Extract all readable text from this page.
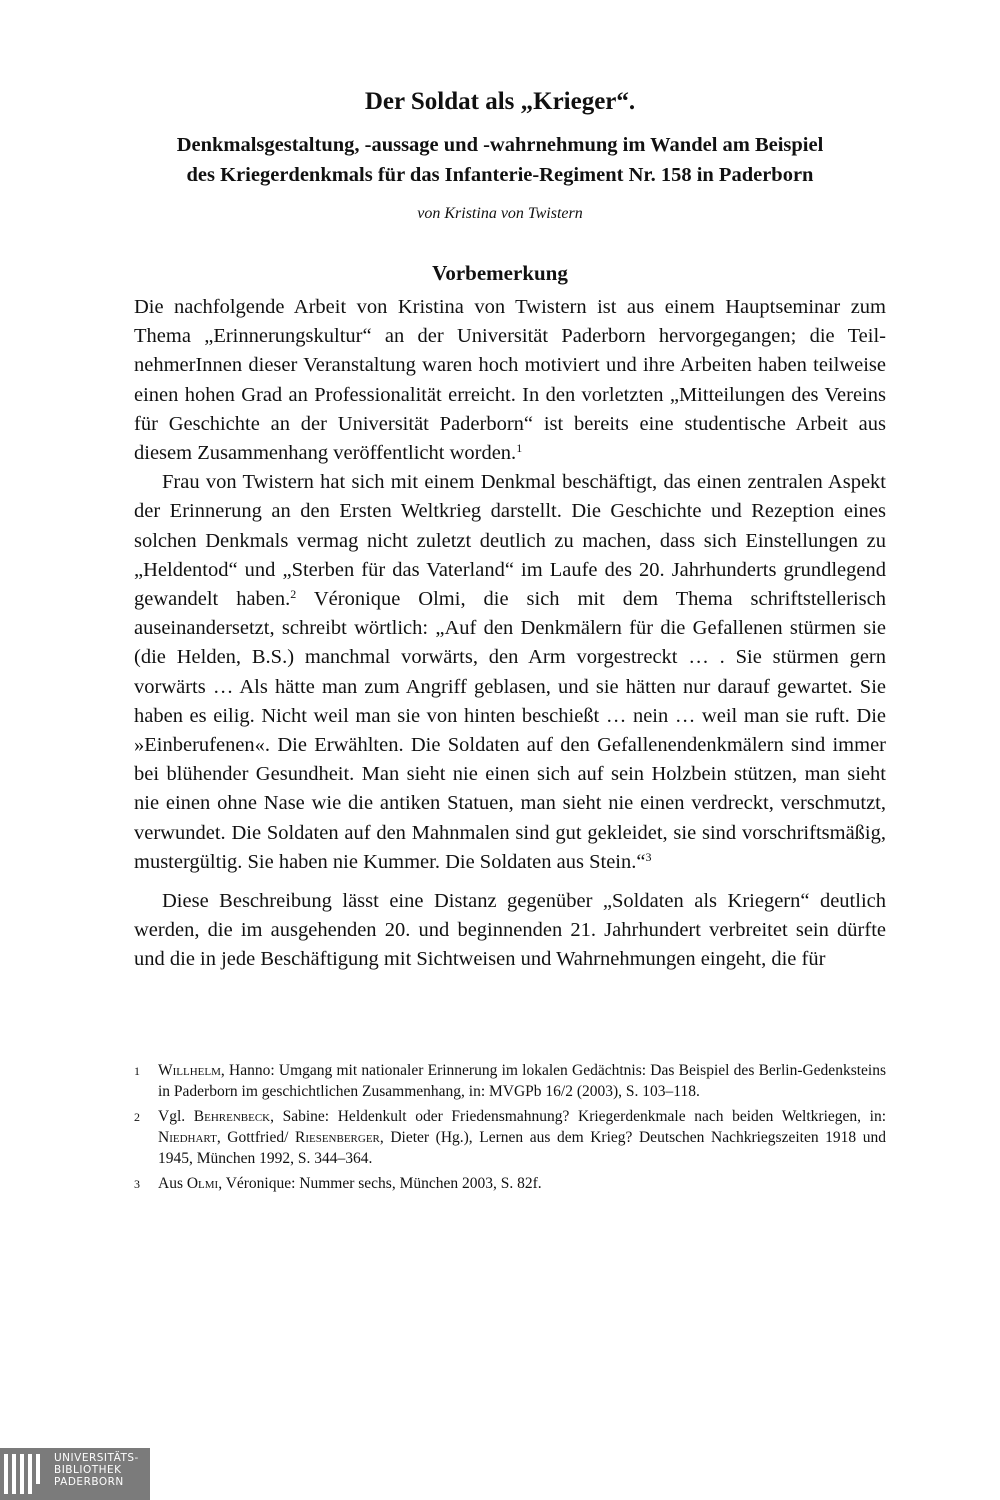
Der Soldat als „Krieger“.
Denkmalsgestaltung, -aussage und -wahrnehmung im Wandel am Beispiel
des Kriegerdenkmals für das Infanterie-Regiment Nr. 158 in Paderborn
von Kristina von Twistern
Vorbemerkung

Die nachfolgende Arbeit von Kristina von Twistern ist aus einem Hauptseminar zum Thema „Erinnerungskultur“ an der Universität Paderborn hervorgegangen; die TeilnehmerInnen dieser Veranstaltung waren hoch motiviert und ihre Arbeiten haben teilweise einen hohen Grad an Professionalität erreicht. In den vorletzten „Mitteilungen des Vereins für Geschichte an der Universität Paderborn“ ist bereits eine studentische Arbeit aus diesem Zusammenhang veröffentlicht worden.$^1$

Frau von Twistern hat sich mit einem Denkmal beschäftigt, das einen zentralen Aspekt der Erinnerung an den Ersten Weltkrieg darstellt. Die Geschichte und Rezeption eines solchen Denkmals vermag nicht zuletzt deutlich zu machen, dass sich Einstellungen zu „Heldentod“ und „Sterben für das Vaterland“ im Laufe des 20. Jahrhunderts grundlegend gewandelt haben.$^2$ Véronique Olmi, die sich mit dem Thema schriftstellerisch auseinandersetzt, schreibt wörtlich: „Auf den Denkmälern für die Gefallenen stürmen sie (die Helden, B.S.) manchmal vorwärts, den Arm vorgestreckt … . Sie stürmen gern vorwärts … Als hätte man zum Angriff geblasen, und sie hätten nur darauf gewartet. Sie haben es eilig. Nicht weil man sie von hinten beschießt … nein … weil man sie ruft. Die »Einberufenen«. Die Erwählten. Die Soldaten auf den Gefallenendenkmälern sind immer bei blühender Gesundheit. Man sieht nie einen sich auf sein Holzbein stützen, man sieht nie einen ohne Nase wie die antiken Statuen, man sieht nie einen verdreckt, verschmutzt, verwundet. Die Soldaten auf den Mahnmalen sind gut gekleidet, sie sind vorschriftsmäßig, mustergültig. Sie haben nie Kummer. Die Soldaten aus Stein.“$^3$

Diese Beschreibung lässt eine Distanz gegenüber „Soldaten als Kriegern“ deutlich werden, die im ausgehenden 20. und beginnenden 21. Jahrhundert verbreitet sein dürfte und die in jede Beschäftigung mit Sichtweisen und Wahrnehmungen eingeht, die für

1	Willhelm, Hanno: Umgang mit nationaler Erinnerung im lokalen Gedächtnis: Das Beispiel des Berlin-Gedenksteins in Paderborn im geschichtlichen Zusammenhang, in: MVGPb 16/2 (2003), S. 103–118.
2	Vgl. Behrenbeck, Sabine: Heldenkult oder Friedensmahnung? Kriegerdenkmale nach beiden Weltkriegen, in: Niedhart, Gottfried/ Riesenberger, Dieter (Hg.), Lernen aus dem Krieg? Deutschen Nachkriegszeiten 1918 und 1945, München 1992, S. 344–364.
3	Aus Olmi, Véronique: Nummer sechs, München 2003, S. 82f.
UNIVERSITÄTS-
BIBLIOTHEK
PADERBORN
